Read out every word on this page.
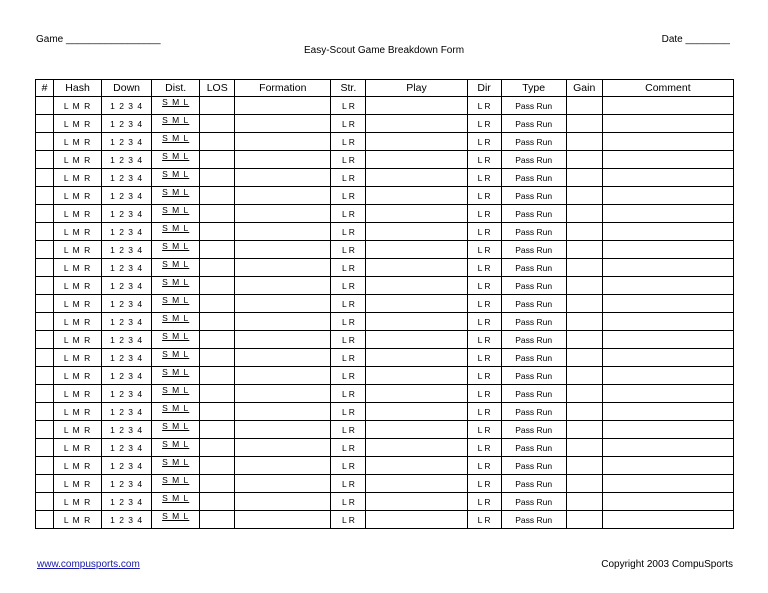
Game _________________	Date ________
Easy-Scout Game Breakdown Form
#	Hash	Down	Dist.	LOS	Formation	Str.	Play	Dir	Type	Gain	Comment
	L M R	1 2 3 4	S M L			L R		L R	Pass Run		
	L M R	1 2 3 4	S M L			L R		L R	Pass Run		
	L M R	1 2 3 4	S M L			L R		L R	Pass Run		
	L M R	1 2 3 4	S M L			L R		L R	Pass Run		
	L M R	1 2 3 4	S M L			L R		L R	Pass Run		
	L M R	1 2 3 4	S M L			L R		L R	Pass Run		
	L M R	1 2 3 4	S M L			L R		L R	Pass Run		
	L M R	1 2 3 4	S M L			L R		L R	Pass Run		
	L M R	1 2 3 4	S M L			L R		L R	Pass Run		
	L M R	1 2 3 4	S M L			L R		L R	Pass Run		
	L M R	1 2 3 4	S M L			L R		L R	Pass Run		
	L M R	1 2 3 4	S M L			L R		L R	Pass Run		
	L M R	1 2 3 4	S M L			L R		L R	Pass Run		
	L M R	1 2 3 4	S M L			L R		L R	Pass Run		
	L M R	1 2 3 4	S M L			L R		L R	Pass Run		
	L M R	1 2 3 4	S M L			L R		L R	Pass Run		
	L M R	1 2 3 4	S M L			L R		L R	Pass Run		
	L M R	1 2 3 4	S M L			L R		L R	Pass Run		
	L M R	1 2 3 4	S M L			L R		L R	Pass Run		
	L M R	1 2 3 4	S M L			L R		L R	Pass Run		
	L M R	1 2 3 4	S M L			L R		L R	Pass Run		
	L M R	1 2 3 4	S M L			L R		L R	Pass Run		
	L M R	1 2 3 4	S M L			L R		L R	Pass Run		
	L M R	1 2 3 4	S M L			L R		L R	Pass Run		
www.compusports.com	Copyright 2003 CompuSports
